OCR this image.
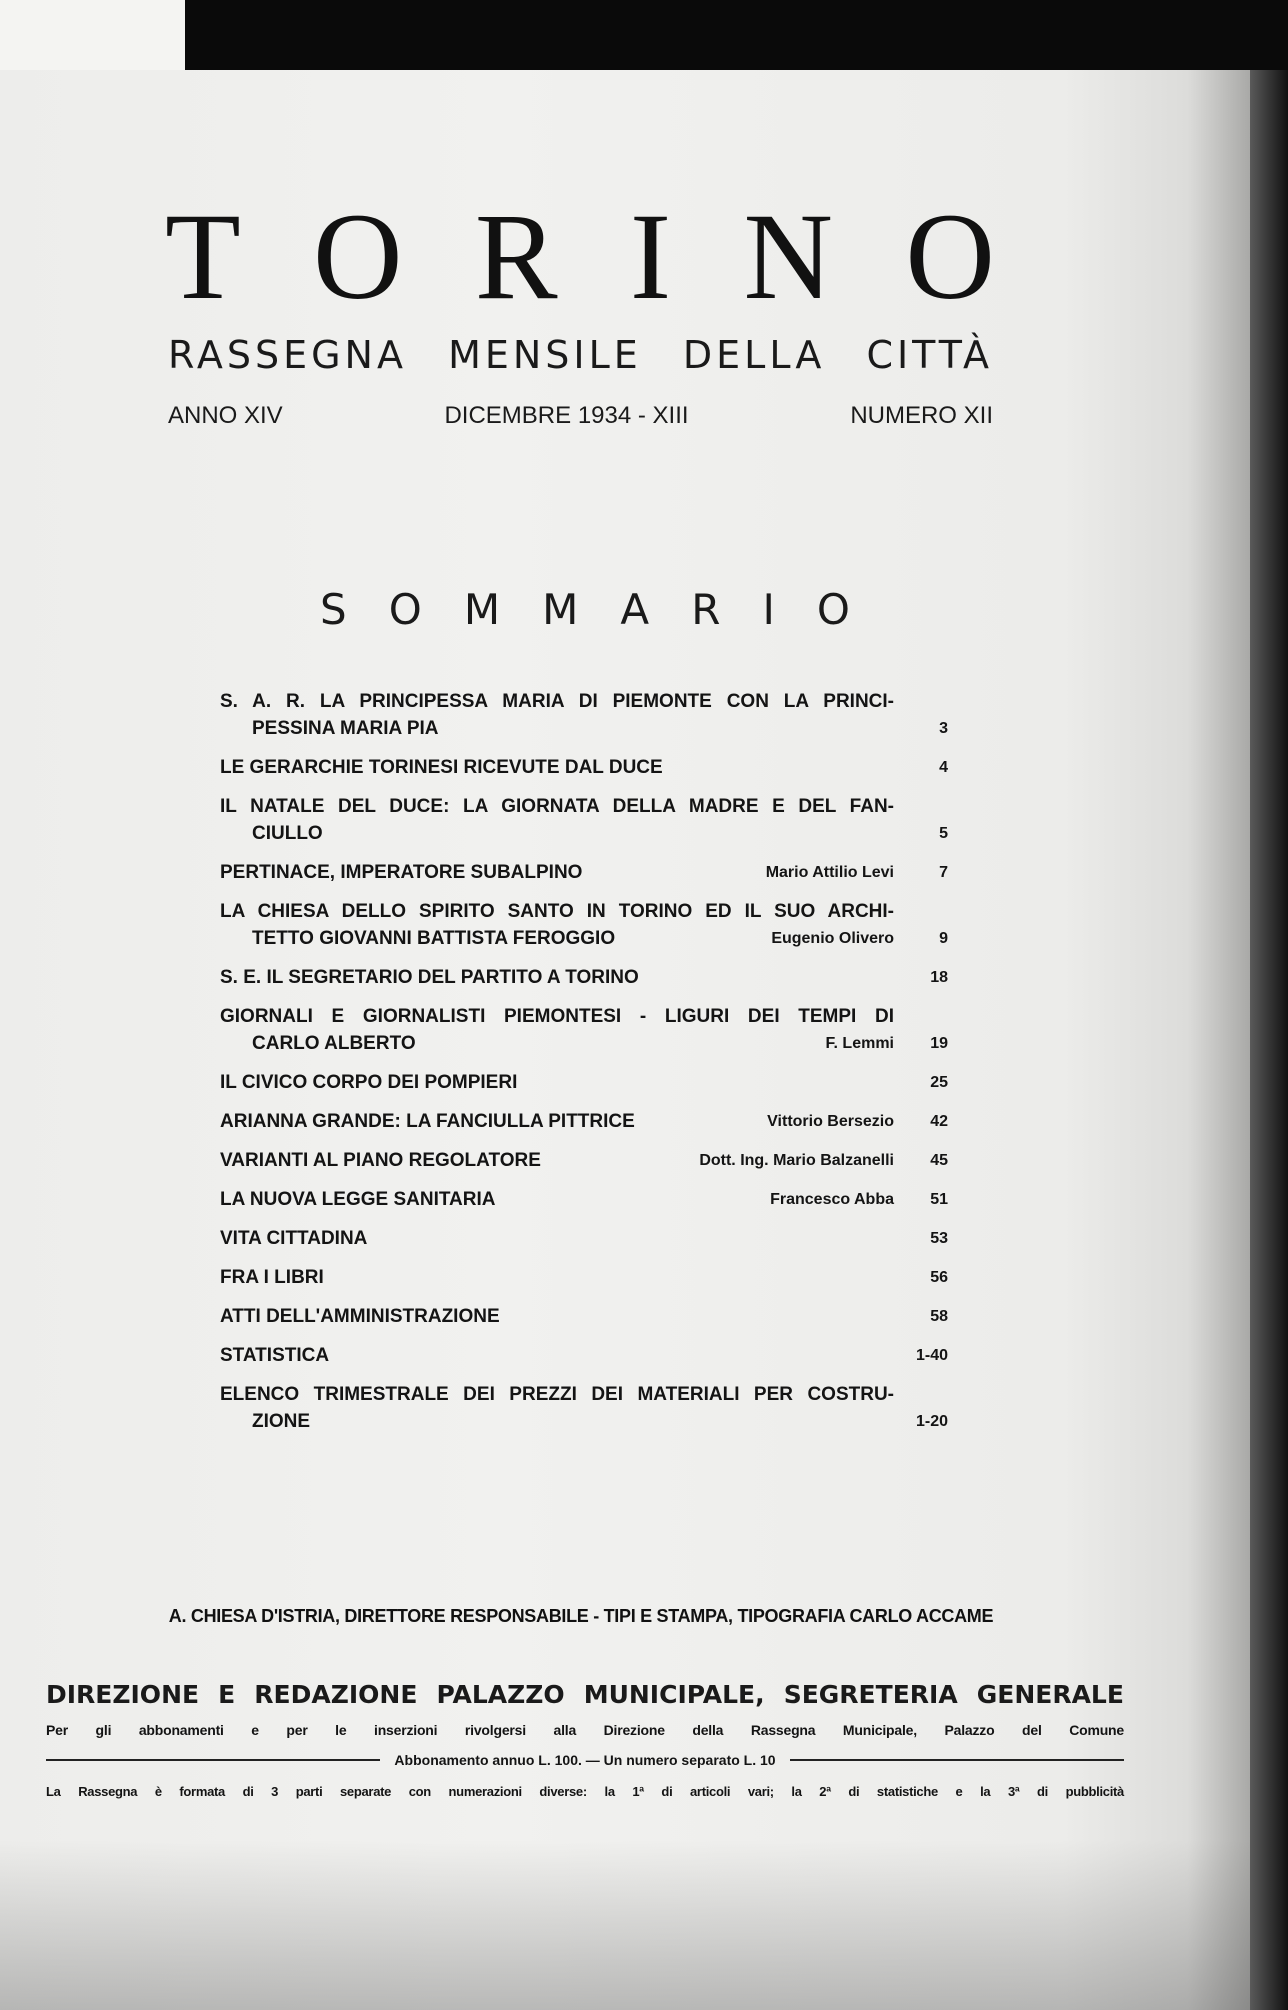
T O R I N O
RASSEGNA MENSILE DELLA CITTÀ
ANNO XIV	DICEMBRE 1934 - XIII	NUMERO XII
S O M M A R I O
S. A. R. LA PRINCIPESSA MARIA DI PIEMONTE CON LA PRINCI-
PESSINA MARIA PIA	3
LE GERARCHIE TORINESI RICEVUTE DAL DUCE	4
IL NATALE DEL DUCE: LA GIORNATA DELLA MADRE E DEL FAN-
CIULLO	5
PERTINACE, IMPERATORE SUBALPINO	Mario Attilio Levi	7
LA CHIESA DELLO SPIRITO SANTO IN TORINO ED IL SUO ARCHI-
TETTO GIOVANNI BATTISTA FEROGGIO	Eugenio Olivero	9
S. E. IL SEGRETARIO DEL PARTITO A TORINO	18
GIORNALI E GIORNALISTI PIEMONTESI - LIGURI DEI TEMPI DI
CARLO ALBERTO	F. Lemmi	19
IL CIVICO CORPO DEI POMPIERI	25
ARIANNA GRANDE: LA FANCIULLA PITTRICE	Vittorio Bersezio	42
VARIANTI AL PIANO REGOLATORE	Dott. Ing. Mario Balzanelli	45
LA NUOVA LEGGE SANITARIA	Francesco Abba	51
VITA CITTADINA	53
FRA I LIBRI	56
ATTI DELL'AMMINISTRAZIONE	58
STATISTICA	1-40
ELENCO TRIMESTRALE DEI PREZZI DEI MATERIALI PER COSTRU-
ZIONE	1-20
A. CHIESA D'ISTRIA, DIRETTORE RESPONSABILE - TIPI E STAMPA, TIPOGRAFIA CARLO ACCAME
DIREZIONE E REDAZIONE PALAZZO MUNICIPALE, SEGRETERIA GENERALE
Per gli abbonamenti e per le inserzioni rivolgersi alla Direzione della Rassegna Municipale, Palazzo del Comune
Abbonamento annuo L. 100. — Un numero separato L. 10
La Rassegna è formata di 3 parti separate con numerazioni diverse: la 1ª di articoli vari; la 2ª di statistiche e la 3ª di pubblicità
